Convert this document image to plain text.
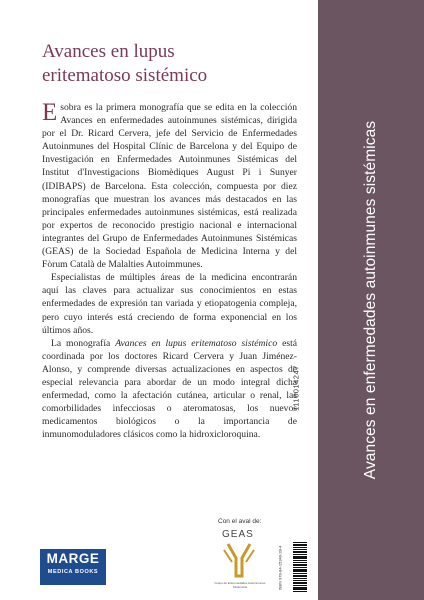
Avances en enfermedades autoinmunes sistémicas
Avances en lupus
eritematoso sistémico

Esobra es la primera monografía que se edita en la colección Avances en enfermedades autoinmunes sistémicas, dirigida por el Dr. Ricard Cervera, jefe del Servicio de Enfermedades Autoinmunes del Hospital Clínic de Barcelona y del Equipo de Investigación en Enfermedades Autoinmunes Sistémicas del Institut d'Investigacions Biomèdiques August Pi i Sunyer (IDIBAPS) de Barcelona. Esta colección, compuesta por diez monografías que muestran los avances más destacados en las principales enfermedades autoinmunes sistémicas, está realizada por expertos de reconocido prestigio nacional e internacional integrantes del Grupo de Enfermedades Autoinmunes Sistémicas (GEAS) de la Sociedad Española de Medicina Interna y del Fòrum Català de Malalties Autoimmunes.

Especialistas de múltiples áreas de la medicina encontrarán aquí las claves para actualizar sus conocimientos en estas enfermedades de expresión tan variada y etiopatogenia compleja, pero cuyo interés está creciendo de forma exponencial en los últimos años.

La monografía Avances en lupus eritematoso sistémico está coordinada por los doctores Ricard Cervera y Juan Jiménez-Alonso, y comprende diversas actualizaciones en aspectos de especial relevancia para abordar de un modo integral dicha enfermedad, como la afectación cutánea, articular o renal, las comorbilidades infecciosas o ateromatosas, los nuevos medicamentos biológicos o la importancia de inmunomoduladores clásicos como la hidroxicloroquina.

1110014247
Con el aval de:
GEAS
Grupo de Enfermedades Autoinmunes Sistémicas
MARGE
MEDICA BOOKS	ISBN 978-84-15340-28-4
